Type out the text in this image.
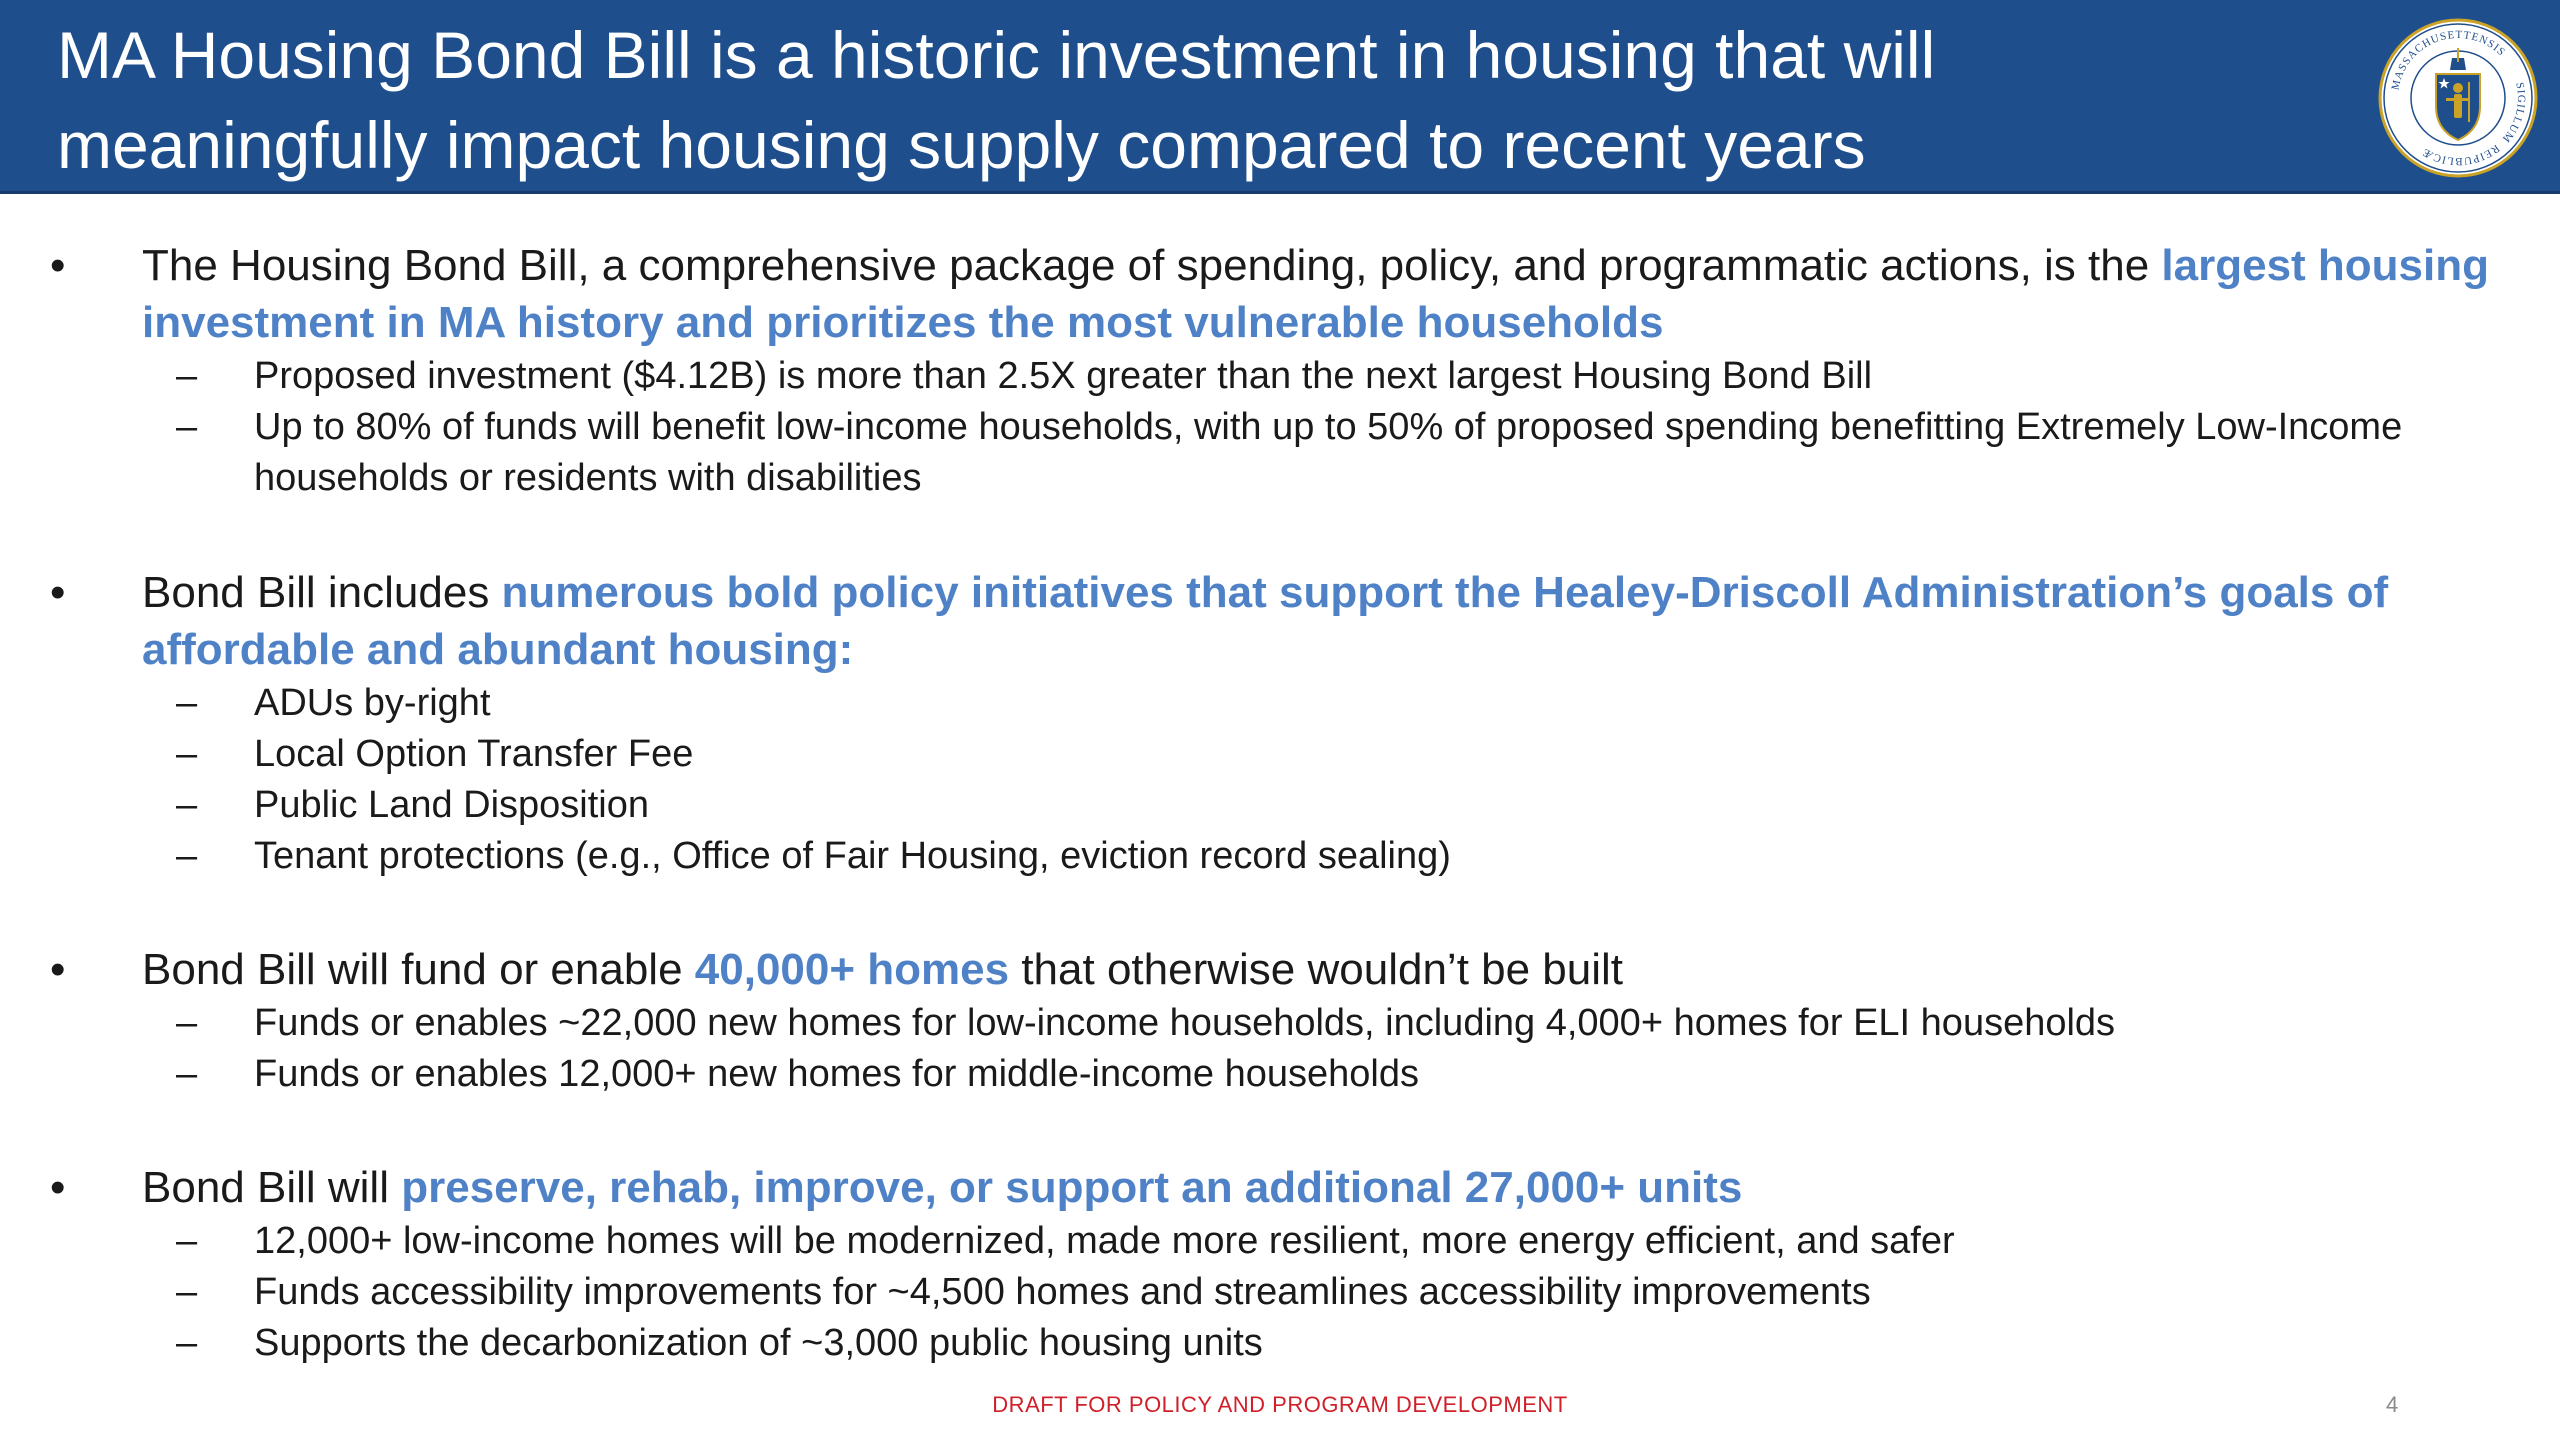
MA Housing Bond Bill is a historic investment in housing that will meaningfully impact housing supply compared to recent years
MASSACHUSETTENSIS
SIGILLUM
REIPUBLICÆ
•	The Housing Bond Bill, a comprehensive package of spending, policy, and programmatic actions, is the largest housing investment in MA history and prioritizes the most vulnerable households
–	Proposed investment ($4.12B) is more than 2.5X greater than the next largest Housing Bond Bill
–	Up to 80% of funds will benefit low-income households, with up to 50% of proposed spending benefitting Extremely Low-Income households or residents with disabilities
•	Bond Bill includes numerous bold policy initiatives that support the Healey-Driscoll Administration’s goals of affordable and abundant housing:
–	ADUs by-right
–	Local Option Transfer Fee
–	Public Land Disposition
–	Tenant protections (e.g., Office of Fair Housing, eviction record sealing)
•	Bond Bill will fund or enable 40,000+ homes that otherwise wouldn’t be built
–	Funds or enables ~22,000 new homes for low-income households, including 4,000+ homes for ELI households
–	Funds or enables 12,000+ new homes for middle-income households
•	Bond Bill will preserve, rehab, improve, or support an additional 27,000+ units
–	12,000+ low-income homes will be modernized, made more resilient, more energy efficient, and safer
–	Funds accessibility improvements for ~4,500 homes and streamlines accessibility improvements
–	Supports the decarbonization of ~3,000 public housing units
DRAFT FOR POLICY AND PROGRAM DEVELOPMENT	4
